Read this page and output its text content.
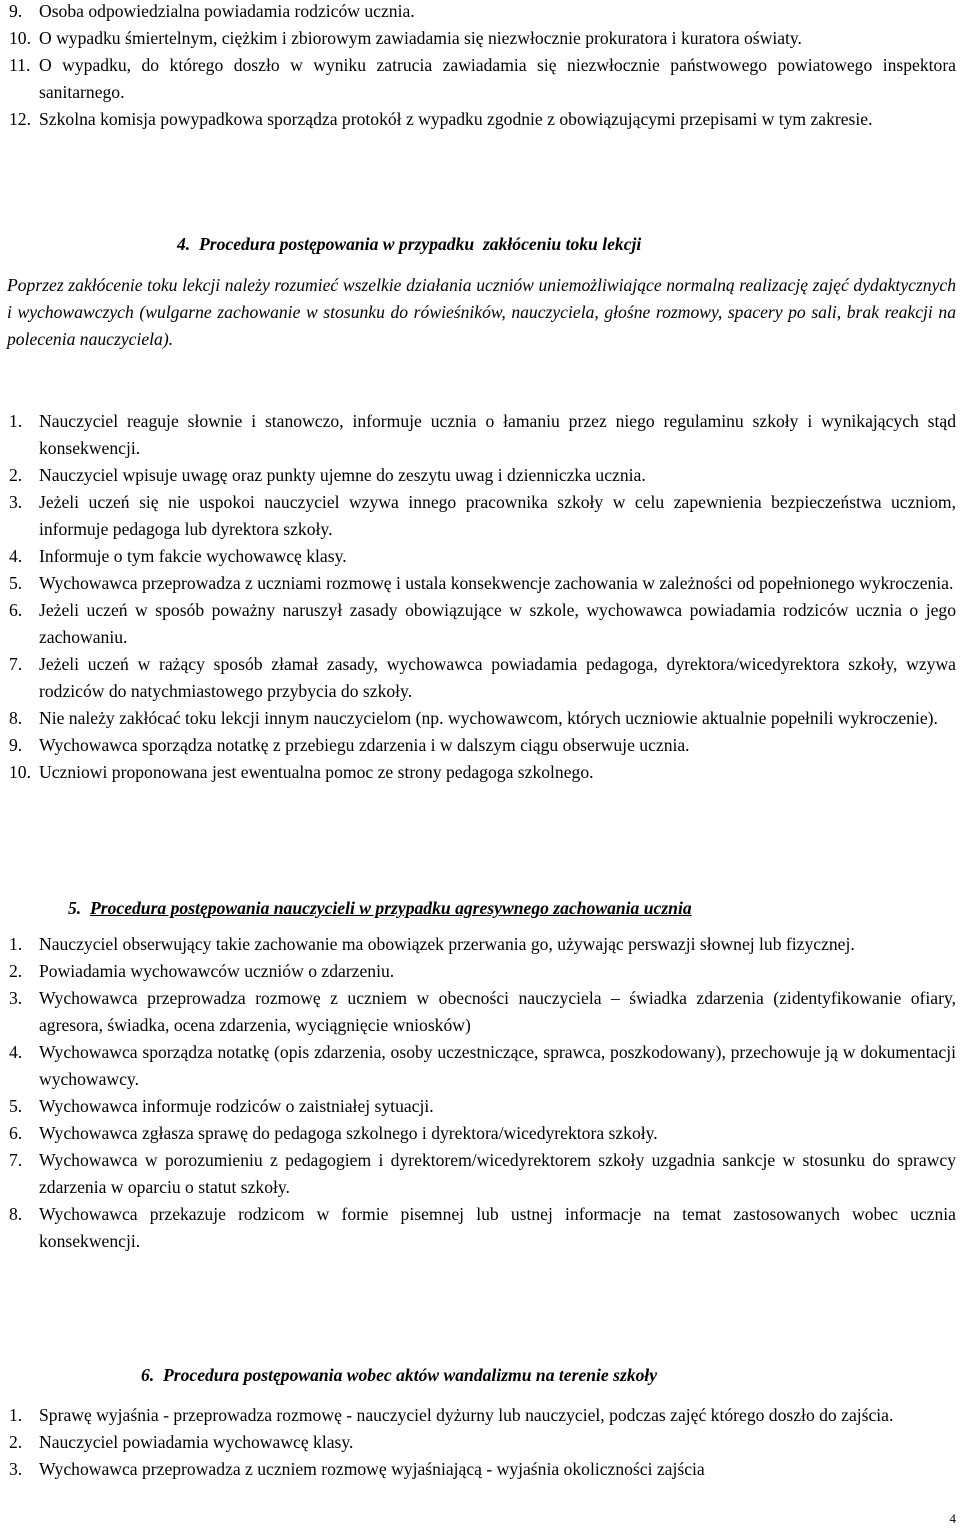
9. Osoba odpowiedzialna powiadamia rodziców ucznia.
10. O wypadku śmiertelnym, ciężkim i zbiorowym zawiadamia się niezwłocznie prokuratora i kuratora oświaty.
11. O wypadku, do którego doszło w wyniku zatrucia zawiadamia się niezwłocznie państwowego powiatowego inspektora sanitarnego.
12. Szkolna komisja powypadkowa sporządza protokół z wypadku zgodnie z obowiązującymi przepisami w tym zakresie.
4. Procedura postępowania w przypadku  zakłóceniu toku lekcji

Poprzez zakłócenie toku lekcji należy rozumieć wszelkie działania uczniów uniemożliwiające normalną realizację zajęć dydaktycznych i wychowawczych (wulgarne zachowanie w stosunku do rówieśników, nauczyciela, głośne rozmowy, spacery po sali, brak reakcji na polecenia nauczyciela).

1. Nauczyciel reaguje słownie i stanowczo, informuje ucznia o łamaniu przez niego regulaminu szkoły i wynikających stąd konsekwencji.
2. Nauczyciel wpisuje uwagę oraz punkty ujemne do zeszytu uwag i dzienniczka ucznia.
3. Jeżeli uczeń się nie uspokoi nauczyciel wzywa innego pracownika szkoły w celu zapewnienia bezpieczeństwa uczniom, informuje pedagoga lub dyrektora szkoły.
4. Informuje o tym fakcie wychowawcę klasy.
5. Wychowawca przeprowadza z uczniami rozmowę i ustala konsekwencje zachowania w zależności od popełnionego wykroczenia.
6. Jeżeli uczeń w sposób poważny naruszył zasady obowiązujące w szkole, wychowawca powiadamia rodziców ucznia o jego zachowaniu.
7. Jeżeli uczeń w rażący sposób złamał zasady, wychowawca powiadamia pedagoga, dyrektora/wicedyrektora szkoły, wzywa rodziców do natychmiastowego przybycia do szkoły.
8. Nie należy zakłócać toku lekcji innym nauczycielom (np. wychowawcom, których uczniowie aktualnie popełnili wykroczenie).
9. Wychowawca sporządza notatkę z przebiegu zdarzenia i w dalszym ciągu obserwuje ucznia.
10. Uczniowi proponowana jest ewentualna pomoc ze strony pedagoga szkolnego.
5. Procedura postępowania nauczycieli w przypadku agresywnego zachowania ucznia
1. Nauczyciel obserwujący takie zachowanie ma obowiązek przerwania go, używając perswazji słownej lub fizycznej.
2. Powiadamia wychowawców uczniów o zdarzeniu.
3. Wychowawca przeprowadza rozmowę z uczniem w obecności nauczyciela – świadka zdarzenia (zidentyfikowanie ofiary, agresora, świadka, ocena zdarzenia, wyciągnięcie wniosków)
4. Wychowawca sporządza notatkę (opis zdarzenia, osoby uczestniczące, sprawca, poszkodowany), przechowuje ją w dokumentacji wychowawcy.
5. Wychowawca informuje rodziców o zaistniałej sytuacji.
6. Wychowawca zgłasza sprawę do pedagoga szkolnego i dyrektora/wicedyrektora szkoły.
7. Wychowawca w porozumieniu z pedagogiem i dyrektorem/wicedyrektorem szkoły uzgadnia sankcje w stosunku do sprawcy zdarzenia w oparciu o statut szkoły.
8. Wychowawca przekazuje rodzicom w formie pisemnej lub ustnej informacje na temat zastosowanych wobec ucznia konsekwencji.
6. Procedura postępowania wobec aktów wandalizmu na terenie szkoły
1. Sprawę wyjaśnia - przeprowadza rozmowę - nauczyciel dyżurny lub nauczyciel, podczas zajęć którego doszło do zajścia.
2. Nauczyciel powiadamia wychowawcę klasy.
3. Wychowawca przeprowadza z uczniem rozmowę wyjaśniającą - wyjaśnia okoliczności zajścia
4
